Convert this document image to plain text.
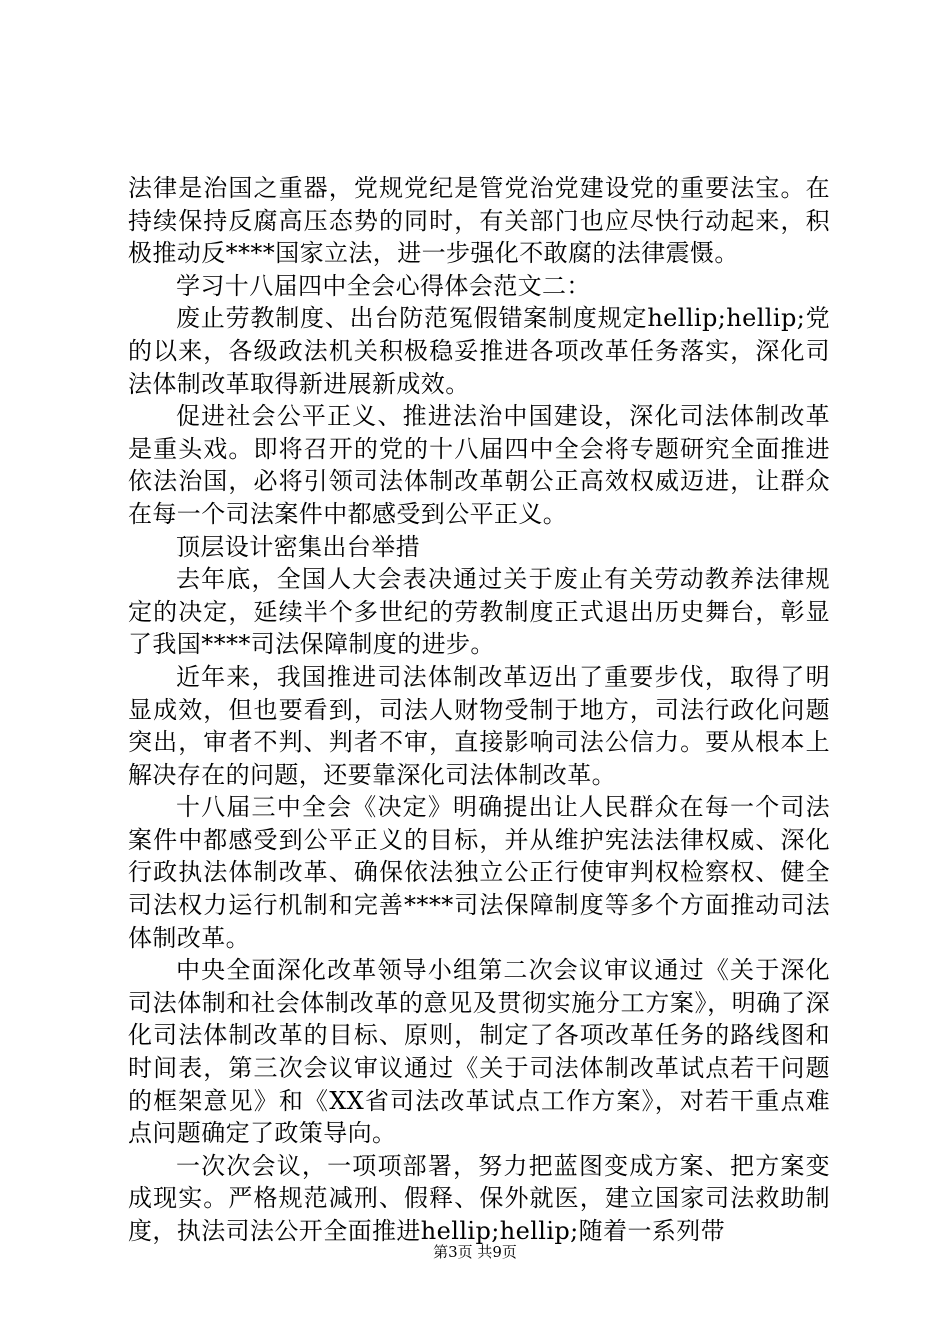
法律是治国之重器，党规党纪是管党治党建设党的重要法宝。在持续保持反腐高压态势的同时，有关部门也应尽快行动起来，积极推动反****国家立法，进一步强化不敢腐的法律震慑。

学习十八届四中全会心得体会范文二：

废止劳教制度、出台防范冤假错案制度规定hellip;hellip;党的以来，各级政法机关积极稳妥推进各项改革任务落实，深化司法体制改革取得新进展新成效。

促进社会公平正义、推进法治中国建设，深化司法体制改革是重头戏。即将召开的党的十八届四中全会将专题研究全面推进依法治国，必将引领司法体制改革朝公正高效权威迈进，让群众在每一个司法案件中都感受到公平正义。

顶层设计密集出台举措

去年底，全国人大会表决通过关于废止有关劳动教养法律规定的决定，延续半个多世纪的劳教制度正式退出历史舞台，彰显了我国****司法保障制度的进步。

近年来，我国推进司法体制改革迈出了重要步伐，取得了明显成效，但也要看到，司法人财物受制于地方，司法行政化问题突出，审者不判、判者不审，直接影响司法公信力。要从根本上解决存在的问题，还要靠深化司法体制改革。

十八届三中全会《决定》明确提出让人民群众在每一个司法案件中都感受到公平正义的目标，并从维护宪法法律权威、深化行政执法体制改革、确保依法独立公正行使审判权检察权、健全司法权力运行机制和完善****司法保障制度等多个方面推动司法体制改革。

中央全面深化改革领导小组第二次会议审议通过《关于深化司法体制和社会体制改革的意见及贯彻实施分工方案》，明确了深化司法体制改革的目标、原则，制定了各项改革任务的路线图和时间表，第三次会议审议通过《关于司法体制改革试点若干问题的框架意见》和《XX省司法改革试点工作方案》，对若干重点难点问题确定了政策导向。

一次次会议，一项项部署，努力把蓝图变成方案、把方案变成现实。严格规范减刑、假释、保外就医，建立国家司法救助制度，执法司法公开全面推进hellip;hellip;随着一系列带

第3页 共9页
